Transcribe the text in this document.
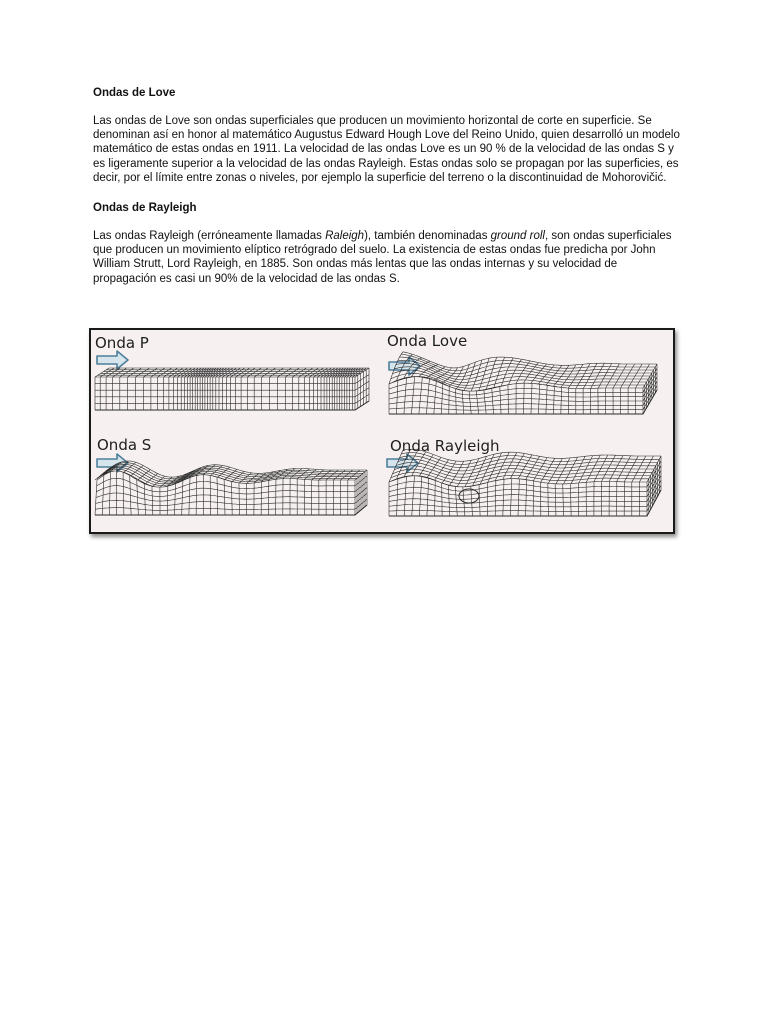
Ondas de Love

Las ondas de Love son ondas superficiales que producen un movimiento horizontal de corte en superficie. Se denominan así en honor al matemático Augustus Edward Hough Love del Reino Unido, quien desarrolló un modelo matemático de estas ondas en 1911. La velocidad de las ondas Love es un 90 % de la velocidad de las ondas S y es ligeramente superior a la velocidad de las ondas Rayleigh. Estas ondas solo se propagan por las superficies, es decir, por el límite entre zonas o niveles, por ejemplo la superficie del terreno o la discontinuidad de Mohorovičić.

Ondas de Rayleigh

Las ondas Rayleigh (erróneamente llamadas Raleigh), también denominadas ground roll, son ondas superficiales que producen un movimiento elíptico retrógrado del suelo. La existencia de estas ondas fue predicha por John William Strutt, Lord Rayleigh, en 1885. Son ondas más lentas que las ondas internas y su velocidad de propagación es casi un 90% de la velocidad de las ondas S.

Onda P	Onda Love
Onda S	Onda Rayleigh
